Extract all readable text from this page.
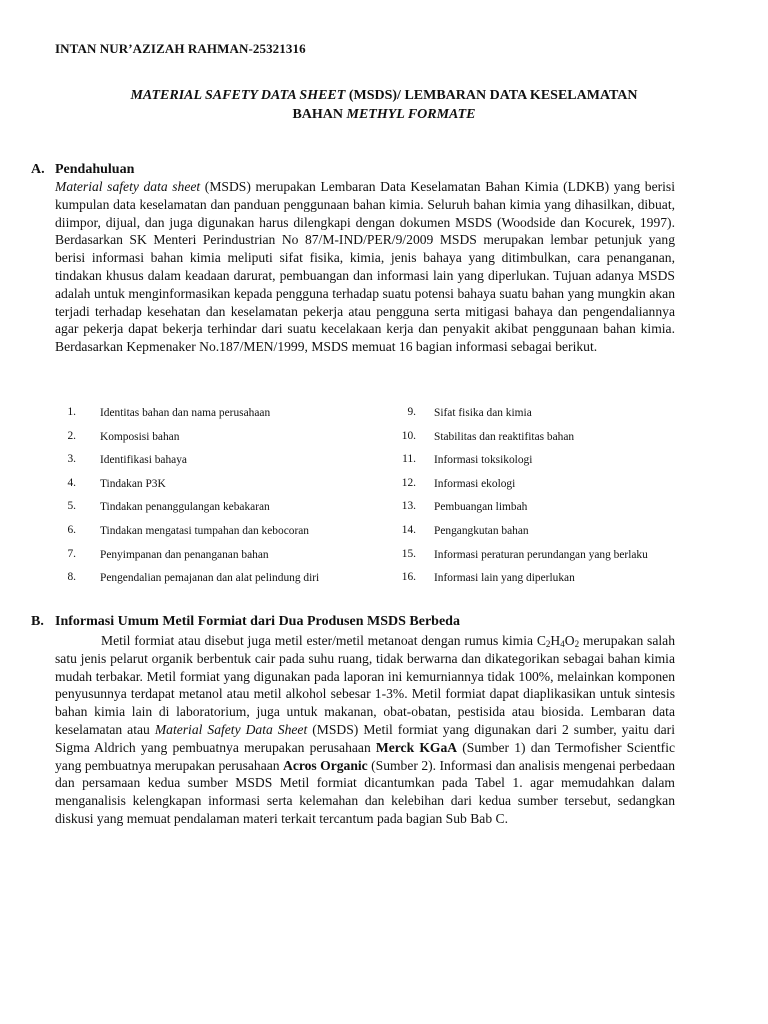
INTAN NUR’AZIZAH RAHMAN-25321316
MATERIAL SAFETY DATA SHEET (MSDS)/ LEMBARAN DATA KESELAMATAN
BAHAN METHYL FORMATE
A. Pendahuluan

Material safety data sheet (MSDS) merupakan Lembaran Data Keselamatan Bahan Kimia (LDKB) yang berisi kumpulan data keselamatan dan panduan penggunaan bahan kimia. Seluruh bahan kimia yang dihasilkan, dibuat, diimpor, dijual, dan juga digunakan harus dilengkapi dengan dokumen MSDS (Woodside dan Kocurek, 1997). Berdasarkan SK Menteri Perindustrian No 87/M-IND/PER/9/2009 MSDS merupakan lembar petunjuk yang berisi informasi bahan kimia meliputi sifat fisika, kimia, jenis bahaya yang ditimbulkan, cara penanganan, tindakan khusus dalam keadaan darurat, pembuangan dan informasi lain yang diperlukan. Tujuan adanya MSDS adalah untuk menginformasikan kepada pengguna terhadap suatu potensi bahaya suatu bahan yang mungkin akan terjadi terhadap kesehatan dan keselamatan pekerja atau pengguna serta mitigasi bahaya dan pengendaliannya agar pekerja dapat bekerja terhindar dari suatu kecelakaan kerja dan penyakit akibat penggunaan bahan kimia. Berdasarkan Kepmenaker No.187/MEN/1999, MSDS memuat 16 bagian informasi sebagai berikut.

1. Identitas bahan dan nama perusahaan
2. Komposisi bahan
3. Identifikasi bahaya
4. Tindakan P3K
5. Tindakan penanggulangan kebakaran
6. Tindakan mengatasi tumpahan dan kebocoran
7. Penyimpanan dan penanganan bahan
8. Pengendalian pemajanan dan alat pelindung diri
9. Sifat fisika dan kimia
10. Stabilitas dan reaktifitas bahan
11. Informasi toksikologi
12. Informasi ekologi
13. Pembuangan limbah
14. Pengangkutan bahan
15. Informasi peraturan perundangan yang berlaku
16. Informasi lain yang diperlukan
B. Informasi Umum Metil Formiat dari Dua Produsen MSDS Berbeda

Metil formiat atau disebut juga metil ester/metil metanoat dengan rumus kimia $C_2H_4O_2$ merupakan salah satu jenis pelarut organik berbentuk cair pada suhu ruang, tidak berwarna dan dikategorikan sebagai bahan kimia mudah terbakar. Metil formiat yang digunakan pada laporan ini kemurniannya tidak 100%, melainkan komponen penyusunnya terdapat metanol atau metil alkohol sebesar 1-3%. Metil formiat dapat diaplikasikan untuk sintesis bahan kimia lain di laboratorium, juga untuk makanan, obat-obatan, pestisida atau biosida. Lembaran data keselamatan atau Material Safety Data Sheet (MSDS) Metil formiat yang digunakan dari 2 sumber, yaitu dari Sigma Aldrich yang pembuatnya merupakan perusahaan Merck KGaA (Sumber 1) dan Termofisher Scientfic yang pembuatnya merupakan perusahaan Acros Organic (Sumber 2). Informasi dan analisis mengenai perbedaan dan persamaan kedua sumber MSDS Metil formiat dicantumkan pada Tabel 1. agar memudahkan dalam menganalisis kelengkapan informasi serta kelemahan dan kelebihan dari kedua sumber tersebut, sedangkan diskusi yang memuat pendalaman materi terkait tercantum pada bagian Sub Bab C.
